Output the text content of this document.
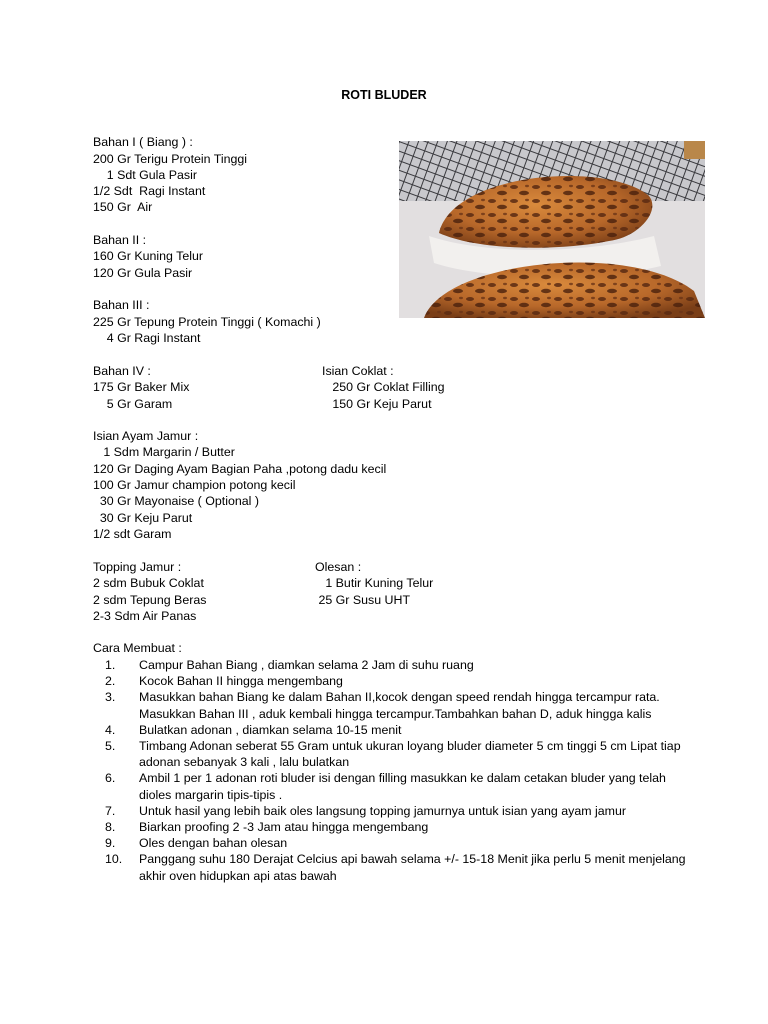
ROTI BLUDER
Bahan I ( Biang ) :
200 Gr Terigu Protein Tinggi
1 Sdt Gula Pasir
1/2 Sdt  Ragi Instant
150 Gr  Air
Bahan II :
160 Gr Kuning Telur
120 Gr Gula Pasir
Bahan III :
225 Gr Tepung Protein Tinggi ( Komachi )
4 Gr Ragi Instant
Bahan IV :
175 Gr Baker Mix
5 Gr Garam
Isian Coklat :
250 Gr Coklat Filling
150 Gr Keju Parut
Isian Ayam Jamur :
1 Sdm Margarin / Butter
120 Gr Daging Ayam Bagian Paha ,potong dadu kecil
100 Gr Jamur champion potong kecil
30 Gr Mayonaise ( Optional )
30 Gr Keju Parut
1/2 sdt Garam
Topping Jamur :
2 sdm Bubuk Coklat
2 sdm Tepung Beras
2-3 Sdm Air Panas
Olesan :
1 Butir Kuning Telur
25 Gr Susu UHT
Cara Membuat :
1.	Campur Bahan Biang , diamkan selama 2 Jam di suhu ruang
2.	Kocok Bahan II hingga mengembang
3.	Masukkan bahan Biang ke dalam Bahan II,kocok dengan speed rendah hingga tercampur rata. Masukkan Bahan III , aduk kembali hingga tercampur.Tambahkan bahan D, aduk hingga kalis
4.	Bulatkan adonan , diamkan selama 10-15 menit
5.	Timbang Adonan seberat 55 Gram untuk ukuran loyang bluder diameter 5 cm tinggi 5 cm Lipat tiap adonan sebanyak 3 kali , lalu bulatkan
6.	Ambil 1 per 1 adonan roti bluder isi dengan filling masukkan ke dalam cetakan bluder yang telah dioles margarin tipis-tipis .
7.	Untuk hasil yang lebih baik oles langsung topping jamurnya untuk isian yang ayam jamur
8.	Biarkan proofing 2 -3 Jam atau hingga mengembang
9.	Oles dengan bahan olesan
10.	Panggang suhu 180 Derajat Celcius api bawah selama +/- 15-18 Menit jika perlu 5 menit menjelang akhir oven hidupkan api atas bawah
